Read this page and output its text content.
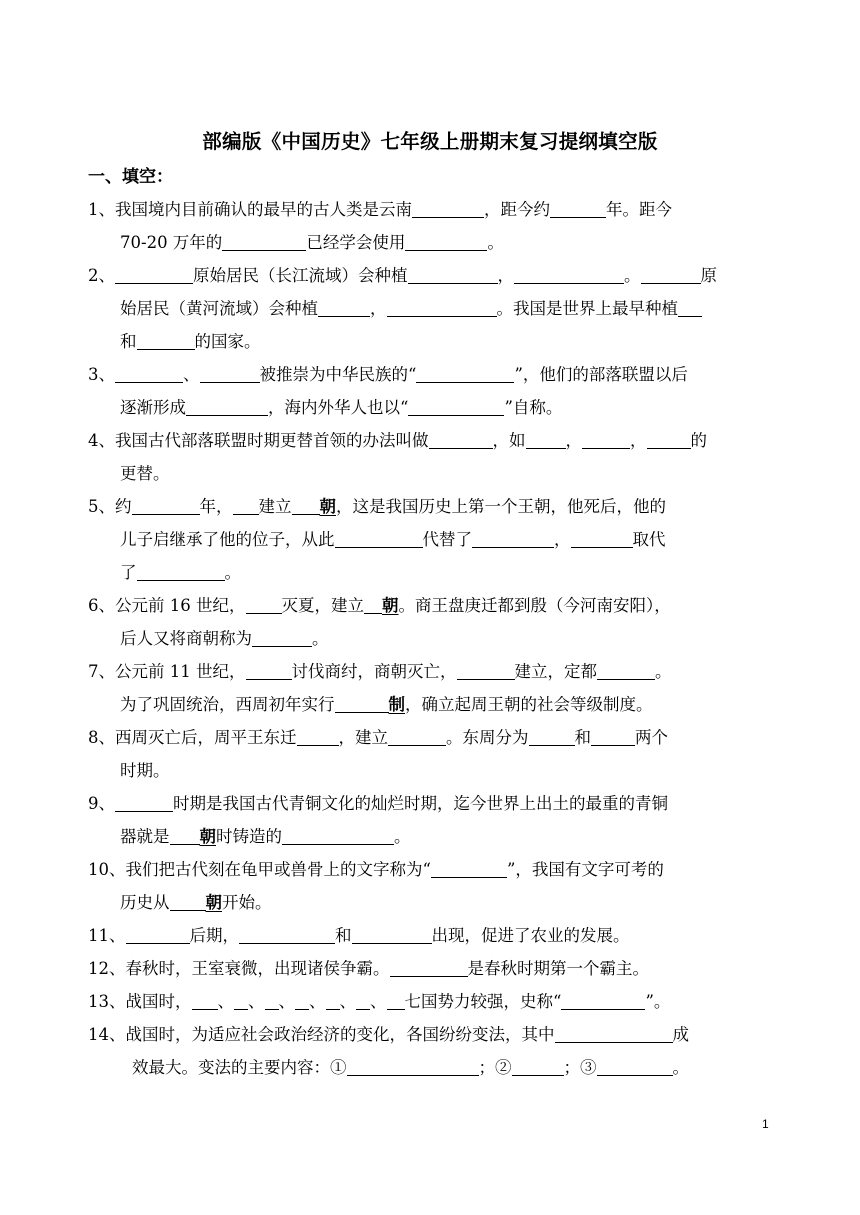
部编版《中国历史》七年级上册期末复习提纲填空版
一、填空：
1、我国境内目前确认的最早的古人类是云南	，距今约	年。距今
70-20 万年的	已经学会使用	。
2、	原始居民（长江流域）会种植	，	。	原
始居民（黄河流域）会种植	，	。我国是世界上最早种植
和	的国家。
3、	、	被推崇为中华民族的“	”，他们的部落联盟以后
逐渐形成	，海内外华人也以“	”自称。
4、我国古代部落联盟时期更替首领的办法叫做	，如 ，	，	的
更替。
5、约	年， 建立 朝，这是我国历史上第一个王朝，他死后，他的
儿子启继承了他的位子，从此	代替了	，	取代
了	。
6、公元前 16 世纪， 灭夏，建立 朝。商王盘庚迁都到殷（今河南安阳），
后人又将商朝称为	。
7、公元前 11 世纪，	讨伐商纣，商朝灭亡，	建立，定都	。
为了巩固统治，西周初年实行	制，确立起周王朝的社会等级制度。
8、西周灭亡后，周平王东迁	，建立	。东周分为	和	两个
时期。
9、	时期是我国古代青铜文化的灿烂时期，迄今世界上出土的最重的青铜
器就是 朝时铸造的	。
10、我们把古代刻在龟甲或兽骨上的文字称为“	”，我国有文字可考的
历史从 朝开始。
11、	后期，	和	出现，促进了农业的发展。
12、春秋时，王室衰微，出现诸侯争霸。	是春秋时期第一个霸主。
13、战国时， 、 、 、 、 、 、 七国势力较强，史称“	”。
14、战国时，为适应社会政治经济的变化，各国纷纷变法，其中	成
效最大。变法的主要内容：①	；②	；③	。
1
